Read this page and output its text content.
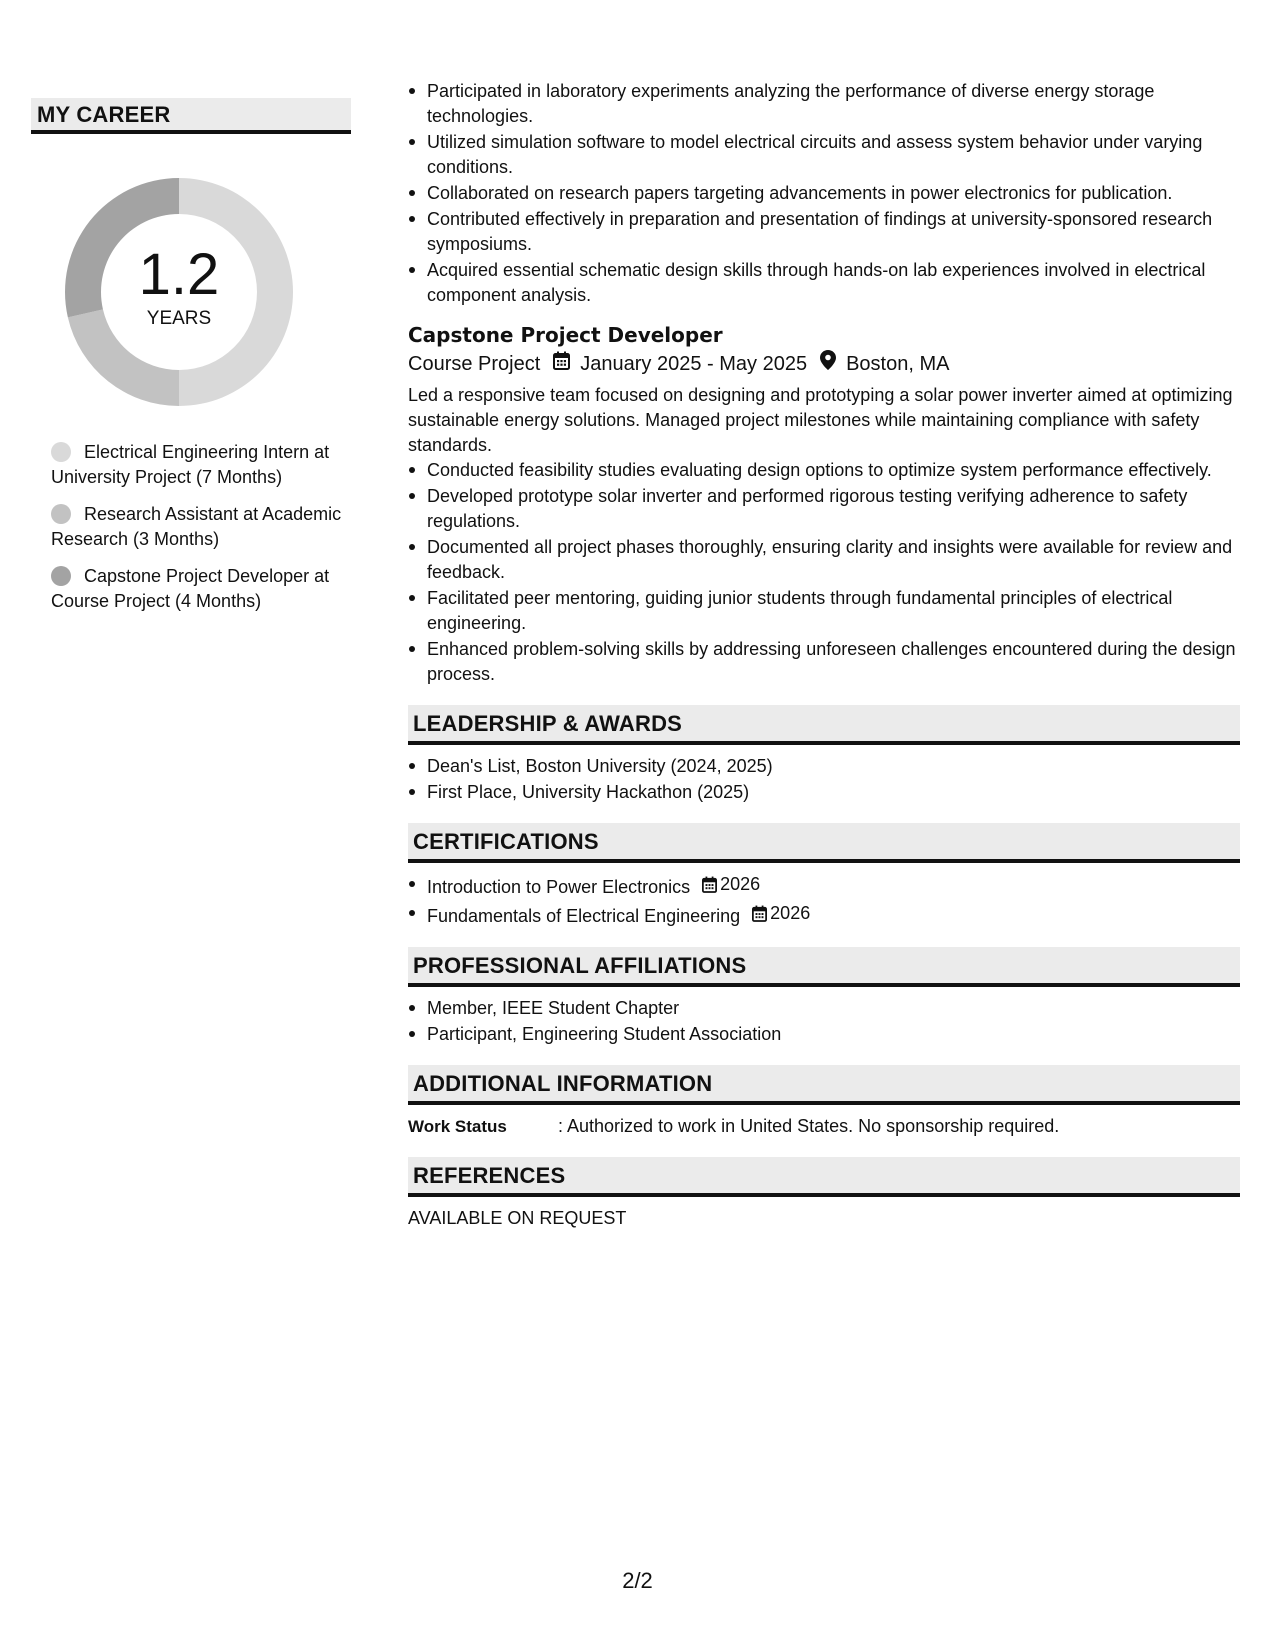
MY CAREER
1.2
YEARS
Electrical Engineering Intern at University Project (7 Months)
Research Assistant at Academic Research (3 Months)
Capstone Project Developer at Course Project (4 Months)
Participated in laboratory experiments analyzing the performance of diverse energy storage technologies.
Utilized simulation software to model electrical circuits and assess system behavior under varying conditions.
Collaborated on research papers targeting advancements in power electronics for publication.
Contributed effectively in preparation and presentation of findings at university-sponsored research symposiums.
Acquired essential schematic design skills through hands-on lab experiences involved in electrical component analysis.
Capstone Project Developer
Course Project January 2025 - May 2025 Boston, MA
Led a responsive team focused on designing and prototyping a solar power inverter aimed at optimizing sustainable energy solutions. Managed project milestones while maintaining compliance with safety standards.
Conducted feasibility studies evaluating design options to optimize system performance effectively.
Developed prototype solar inverter and performed rigorous testing verifying adherence to safety regulations.
Documented all project phases thoroughly, ensuring clarity and insights were available for review and feedback.
Facilitated peer mentoring, guiding junior students through fundamental principles of electrical engineering.
Enhanced problem-solving skills by addressing unforeseen challenges encountered during the design process.
LEADERSHIP & AWARDS
Dean's List, Boston University (2024, 2025)
First Place, University Hackathon (2025)
CERTIFICATIONS
Introduction to Power Electronics 2026
Fundamentals of Electrical Engineering 2026
PROFESSIONAL AFFILIATIONS
Member, IEEE Student Chapter
Participant, Engineering Student Association
ADDITIONAL INFORMATION
Work Status	: Authorized to work in United States. No sponsorship required.
REFERENCES
AVAILABLE ON REQUEST
2/2
